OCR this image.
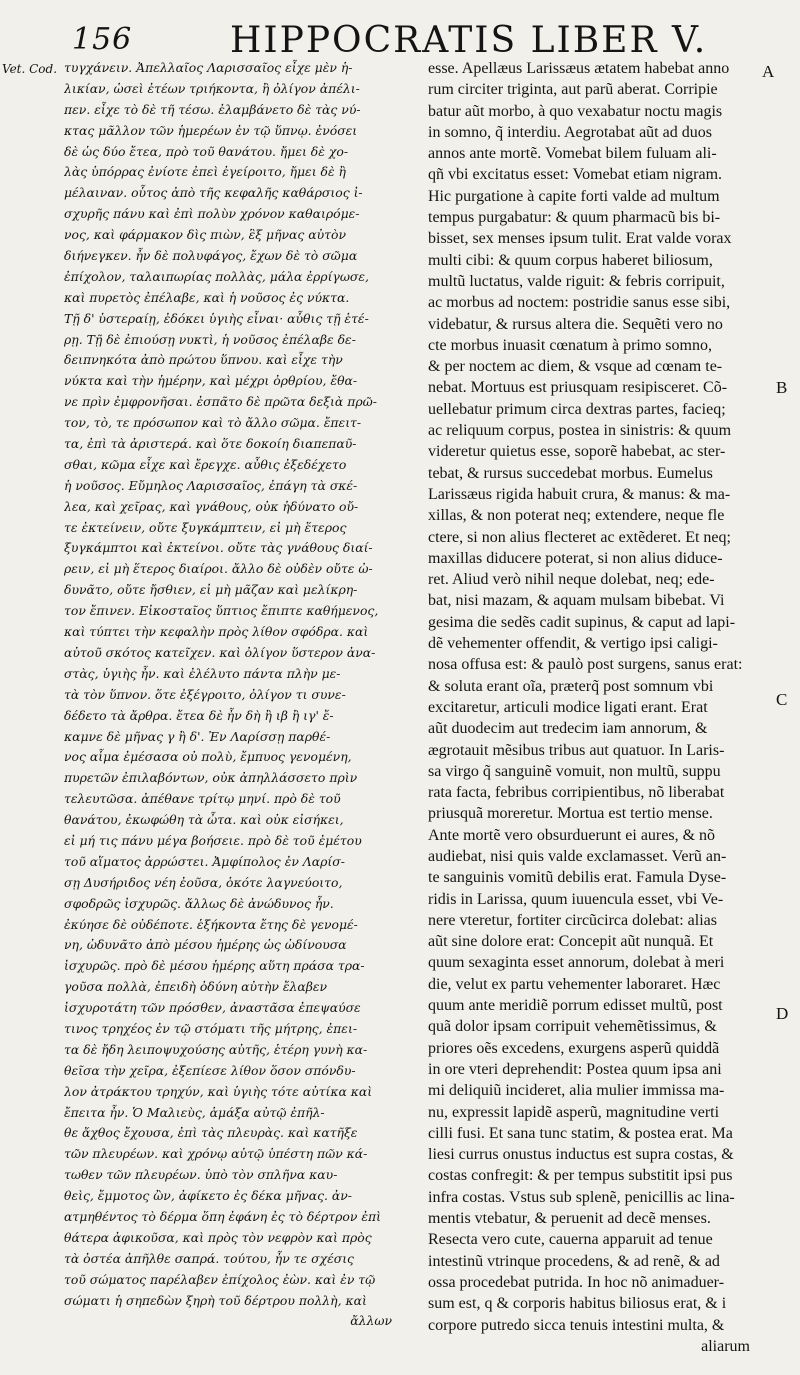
156	HIPPOCRATIS LIBER V.
Vet. Cod. τυγχάνειν. Ἀπελλαῖος Λαρισσαῖος εἶχε μὲν ἡ-
λικίαν, ὡσεὶ ἐτέων τριήκοντα, ἢ ὀλίγον ἀπέλι-
πεν. εἶχε τὸ δὲ τῆ τέσω. ἐλαμβάνετο δὲ τὰς νύ-
κτας μᾶλλον τῶν ἡμερέων ἐν τῷ ὕπνῳ. ἐνόσει
δὲ ὡς δύο ἔτεα, πρὸ τοῦ θανάτου. ἤμει δὲ χο-
λὰς ὑπόρρας ἐνίοτε ἐπεὶ ἐγείροιτο, ἤμει δὲ ἢ
μέλαιναν. οὗτος ἀπὸ τῆς κεφαλῆς καθάρσιος ἰ-
σχυρῆς πάνυ καὶ ἐπὶ πολὺν χρόνον καθαιρόμε-
νος, καὶ φάρμακον δὶς πιὼν, ἓξ μῆνας αὐτὸν
διήνεγκεν. ἦν δὲ πολυφάγος, ἔχων δὲ τὸ σῶμα
ἐπίχολον, ταλαιπωρίας πολλὰς, μάλα ἐρρίγωσε,
καὶ πυρετὸς ἐπέλαβε, καὶ ἡ νοῦσος ἐς νύκτα.
Τῇ δ' ὑστεραίῃ, ἐδόκει ὑγιὴς εἶναι· αὖθις τῇ ἑτέ-
ρῃ. Τῇ δὲ ἐπιούσῃ νυκτὶ, ἡ νοῦσος ἐπέλαβε δε-
δειπνηκότα ἀπὸ πρώτου ὕπνου. καὶ εἶχε τὴν
νύκτα καὶ τὴν ἡμέρην, καὶ μέχρι ὀρθρίου, ἔθα-
νε πρὶν ἐμφρονῆσαι. ἐσπᾶτο δὲ πρῶτα δεξιὰ πρῶ-
τον, τὸ, τε πρόσωπον καὶ τὸ ἄλλο σῶμα. ἔπειτ-
τα, ἐπὶ τὰ ἀριστερά. καὶ ὅτε δοκοίη διαπεπαῦ-
σθαι, κῶμα εἶχε καὶ ἔρεγχε. αὖθις ἐξεδέχετο
ἡ νοῦσος. Εὔμηλος Λαρισσαῖος, ἐπάγη τὰ σκέ-
λεα, καὶ χεῖρας, καὶ γνάθους, οὐκ ἠδύνατο οὔ-
τε ἐκτείνειν, οὔτε ξυγκάμπτειν, εἰ μὴ ἕτερος
ξυγκάμπτοι καὶ ἐκτείνοι. οὔτε τὰς γνάθους διαί-
ρειν, εἰ μὴ ἕτερος διαίροι. ἄλλο δὲ οὐδὲν οὔτε ὠ-
δυνᾶτο, οὔτε ἤσθιεν, εἰ μὴ μᾶζαν καὶ μελίκρη-
τον ἔπινεν. Εἰκοσταῖος ὕπτιος ἔπιπτε καθήμενος,
καὶ τύπτει τὴν κεφαλὴν πρὸς λίθον σφόδρα. καὶ
αὐτοῦ σκότος κατεῖχεν. καὶ ὀλίγον ὕστερον ἀνα-
στὰς, ὑγιὴς ἦν. καὶ ἐλέλυτο πάντα πλὴν με-
τὰ τὸν ὕπνον. ὅτε ἐξέγροιτο, ὀλίγον τι συνε-
δέδετο τὰ ἄρθρα. ἔτεα δὲ ἦν δὴ ἢ ιβ ἢ ιγ' ἔ-
καμνε δὲ μῆνας γ ἢ δ'. Ἐν Λαρίσσῃ παρθέ-
νος αἷμα ἐμέσασα οὐ πολὺ, ἔμπυος γενομένη,
πυρετῶν ἐπιλαβόντων, οὐκ ἀπηλλάσσετο πρὶν
τελευτῶσα. ἀπέθανε τρίτῳ μηνί. πρὸ δὲ τοῦ
θανάτου, ἐκωφώθη τὰ ὦτα. καὶ οὐκ εἰσήκει,
εἰ μή τις πάνυ μέγα βοήσειε. πρὸ δὲ τοῦ ἐμέτου
τοῦ αἵματος ἀρρώστει. Ἀμφίπολος ἐν Λαρίσ-
σῃ Δυσήριδος νέη ἐοῦσα, ὁκότε λαγνεύοιτο,
σφοδρῶς ἰσχυρῶς. ἄλλως δὲ ἀνώδυνος ἦν.
ἐκύησε δὲ οὐδέποτε. ἑξήκοντα ἔτης δὲ γενομέ-
νη, ὠδυνᾶτο ἀπὸ μέσου ἡμέρης ὡς ὠδίνουσα
ἰσχυρῶς. πρὸ δὲ μέσου ἡμέρης αὕτη πράσα τρα-
γοῦσα πολλὰ, ἐπειδὴ ὀδύνη αὐτὴν ἔλαβεν
ἰσχυροτάτη τῶν πρόσθεν, ἀναστᾶσα ἐπεψαύσε
τινος τρηχέος ἐν τῷ στόματι τῆς μήτρης, ἐπει-
τα δὲ ἤδη λειποψυχούσης αὐτῆς, ἑτέρη γυνὴ κα-
θεῖσα τὴν χεῖρα, ἐξεπίεσε λίθον ὅσον σπόνδυ-
λον ἀτράκτου τρηχύν, καὶ ὑγιὴς τότε αὐτίκα καὶ
ἔπειτα ἦν. Ὁ Μαλιεὺς, ἁμάξα αὐτῷ ἐπῆλ-
θε ἄχθος ἔχουσα, ἐπὶ τὰς πλευρὰς. καὶ κατῆξε
τῶν πλευρέων. καὶ χρόνῳ αὐτῷ ὑπέστη πῶν κά-
τωθεν τῶν πλευρέων. ὑπὸ τὸν σπλῆνα καυ-
θεὶς, ἔμμοτος ὢν, ἀφίκετο ἐς δέκα μῆνας. ἀν-
ατμηθέντος τὸ δέρμα ὅπη ἐφάνη ἐς τὸ δέρτρον ἐπὶ
θάτερα ἀφικοῦσα, καὶ πρὸς τὸν νεφρὸν καὶ πρὸς
τὰ ὀστέα ἀπῆλθε σαπρά. τούτου, ἦν τε σχέσις
τοῦ σώματος παρέλαβεν ἐπίχολος ἐὼν. καὶ ἐν τῷ
σώματι ἡ σηπεδὼν ξηρὴ τοῦ δέρτρου πολλὴ, καὶ
ἄλλων
esse. Apellæus Larissæus ætatem habebat anno
rum circiter triginta, aut parũ aberat. Corripie
batur aũt morbo, à quo vexabatur noctu magis
in somno, q̃ interdiu. Aegrotabat aũt ad duos
annos ante mortẽ. Vomebat bilem fuluam ali-
qñ vbi excitatus esset: Vomebat etiam nigram.
Hic purgatione à capite forti valde ad multum
tempus purgabatur: & quum pharmacũ bis bi-
bisset, sex menses ipsum tulit. Erat valde vorax
multi cibi: & quum corpus haberet biliosum,
multũ luctatus, valde riguit: & febris corripuit,
ac morbus ad noctem: postridie sanus esse sibi,
videbatur, & rursus altera die. Sequẽti vero no
cte morbus inuasit cœnatum à primo somno,
& per noctem ac diem, & vsque ad cœnam te-
nebat. Mortuus est priusquam resipisceret. Cõ-
uellebatur primum circa dextras partes, facieq;
ac reliquum corpus, postea in sinistris: & quum
videretur quietus esse, soporẽ habebat, ac ster-
tebat, & rursus succedebat morbus. Eumelus
Larissæus rigida habuit crura, & manus: & ma-
xillas, & non poterat neq; extendere, neque fle
ctere, si non alius flecteret ac extẽderet. Et neq;
maxillas diducere poterat, si non alius diduce-
ret. Aliud verò nihil neque dolebat, neq; ede-
bat, nisi mazam, & aquam mulsam bibebat. Vi
gesima die sedẽs cadit supinus, & caput ad lapi-
dẽ vehementer offendit, & vertigo ipsi caligi-
nosa offusa est: & paulò post surgens, sanus erat:
& soluta erant oĩa, præterq̃ post somnum vbi
excitaretur, articuli modice ligati erant. Erat
aũt duodecim aut tredecim iam annorum, &
ægrotauit mẽsibus tribus aut quatuor. In Laris-
sa virgo q̃ sanguinẽ vomuit, non multũ, suppu
rata facta, febribus corripientibus, nõ liberabat
priusquã moreretur. Mortua est tertio mense.
Ante mortẽ vero obsurduerunt ei aures, & nõ
audiebat, nisi quis valde exclamasset. Verũ an-
te sanguinis vomitũ debilis erat. Famula Dyse-
ridis in Larissa, quum iuuencula esset, vbi Ve-
nere vteretur, fortiter circũcirca dolebat: alias
aũt sine dolore erat: Concepit aũt nunquã. Et
quum sexaginta esset annorum, dolebat à meri
die, velut ex partu vehementer laboraret. Hæc
quum ante meridiẽ porrum edisset multũ, post
quã dolor ipsam corripuit vehemẽtissimus, &
priores oẽs excedens, exurgens asperũ quiddã
in ore vteri deprehendit: Postea quum ipsa ani
mi deliquiũ incideret, alia mulier immissa ma-
nu, expressit lapidẽ asperũ, magnitudine verti
cilli fusi. Et sana tunc statim, & postea erat. Ma
liesi currus onustus inductus est supra costas, &
costas confregit: & per tempus substitit ipsi pus
infra costas. Vstus sub splenẽ, penicillis ac lina-
mentis vtebatur, & peruenit ad decẽ menses.
Resecta vero cute, cauerna apparuit ad tenue
intestinũ vtrinque procedens, & ad renẽ, & ad
ossa procedebat putrida. In hoc nõ animaduer-
sum est, q & corporis habitus biliosus erat, & i
corpore putredo sicca tenuis intestini multa, &
aliarum
A
B
C
D
